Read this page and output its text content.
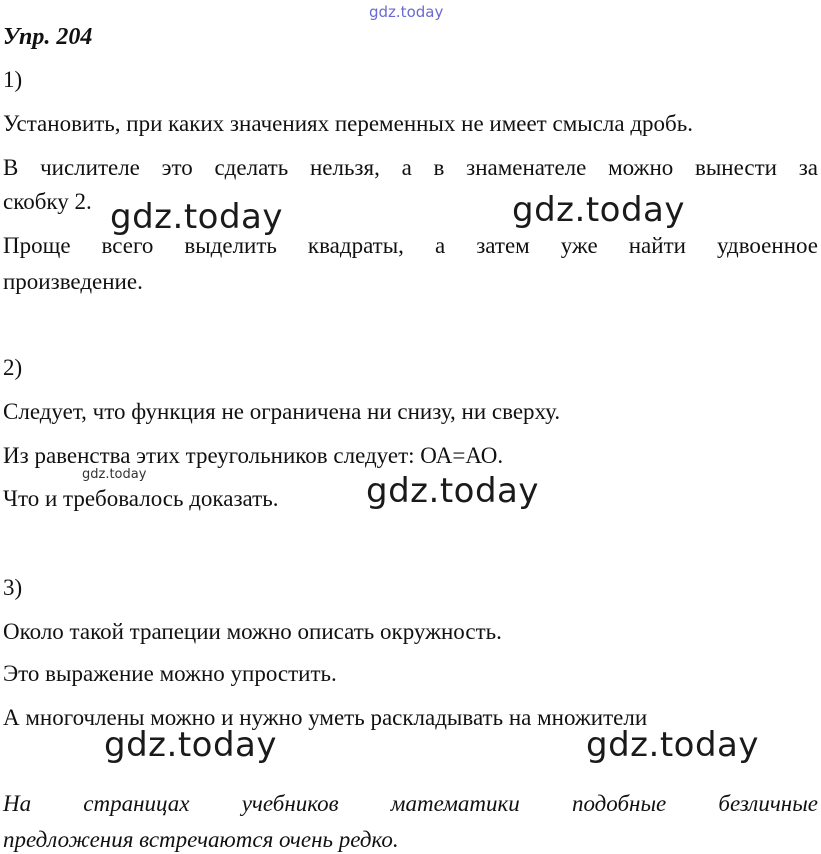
gdz.today
Упр. 204
1)
Установить, при каких значениях переменных не имеет смысла дробь.
В числителе это сделать нельзя, а в знаменателе можно вынести за
скобку 2.
Проще всего выделить квадраты, а затем уже найти удвоенное
произведение.
2)
Следует, что функция не ограничена ни снизу, ни сверху.
Из равенства этих треугольников следует: ОА=АО.
Что и требовалось доказать.
3)
Около такой трапеции можно описать окружность.
Это выражение можно упростить.
А многочлены можно и нужно уметь раскладывать на множители
На страницах учебников математики подобные безличные
предложения встречаются очень редко.
gdz.today	gdz.today
gdz.today	gdz.today
gdz.today	gdz.today
